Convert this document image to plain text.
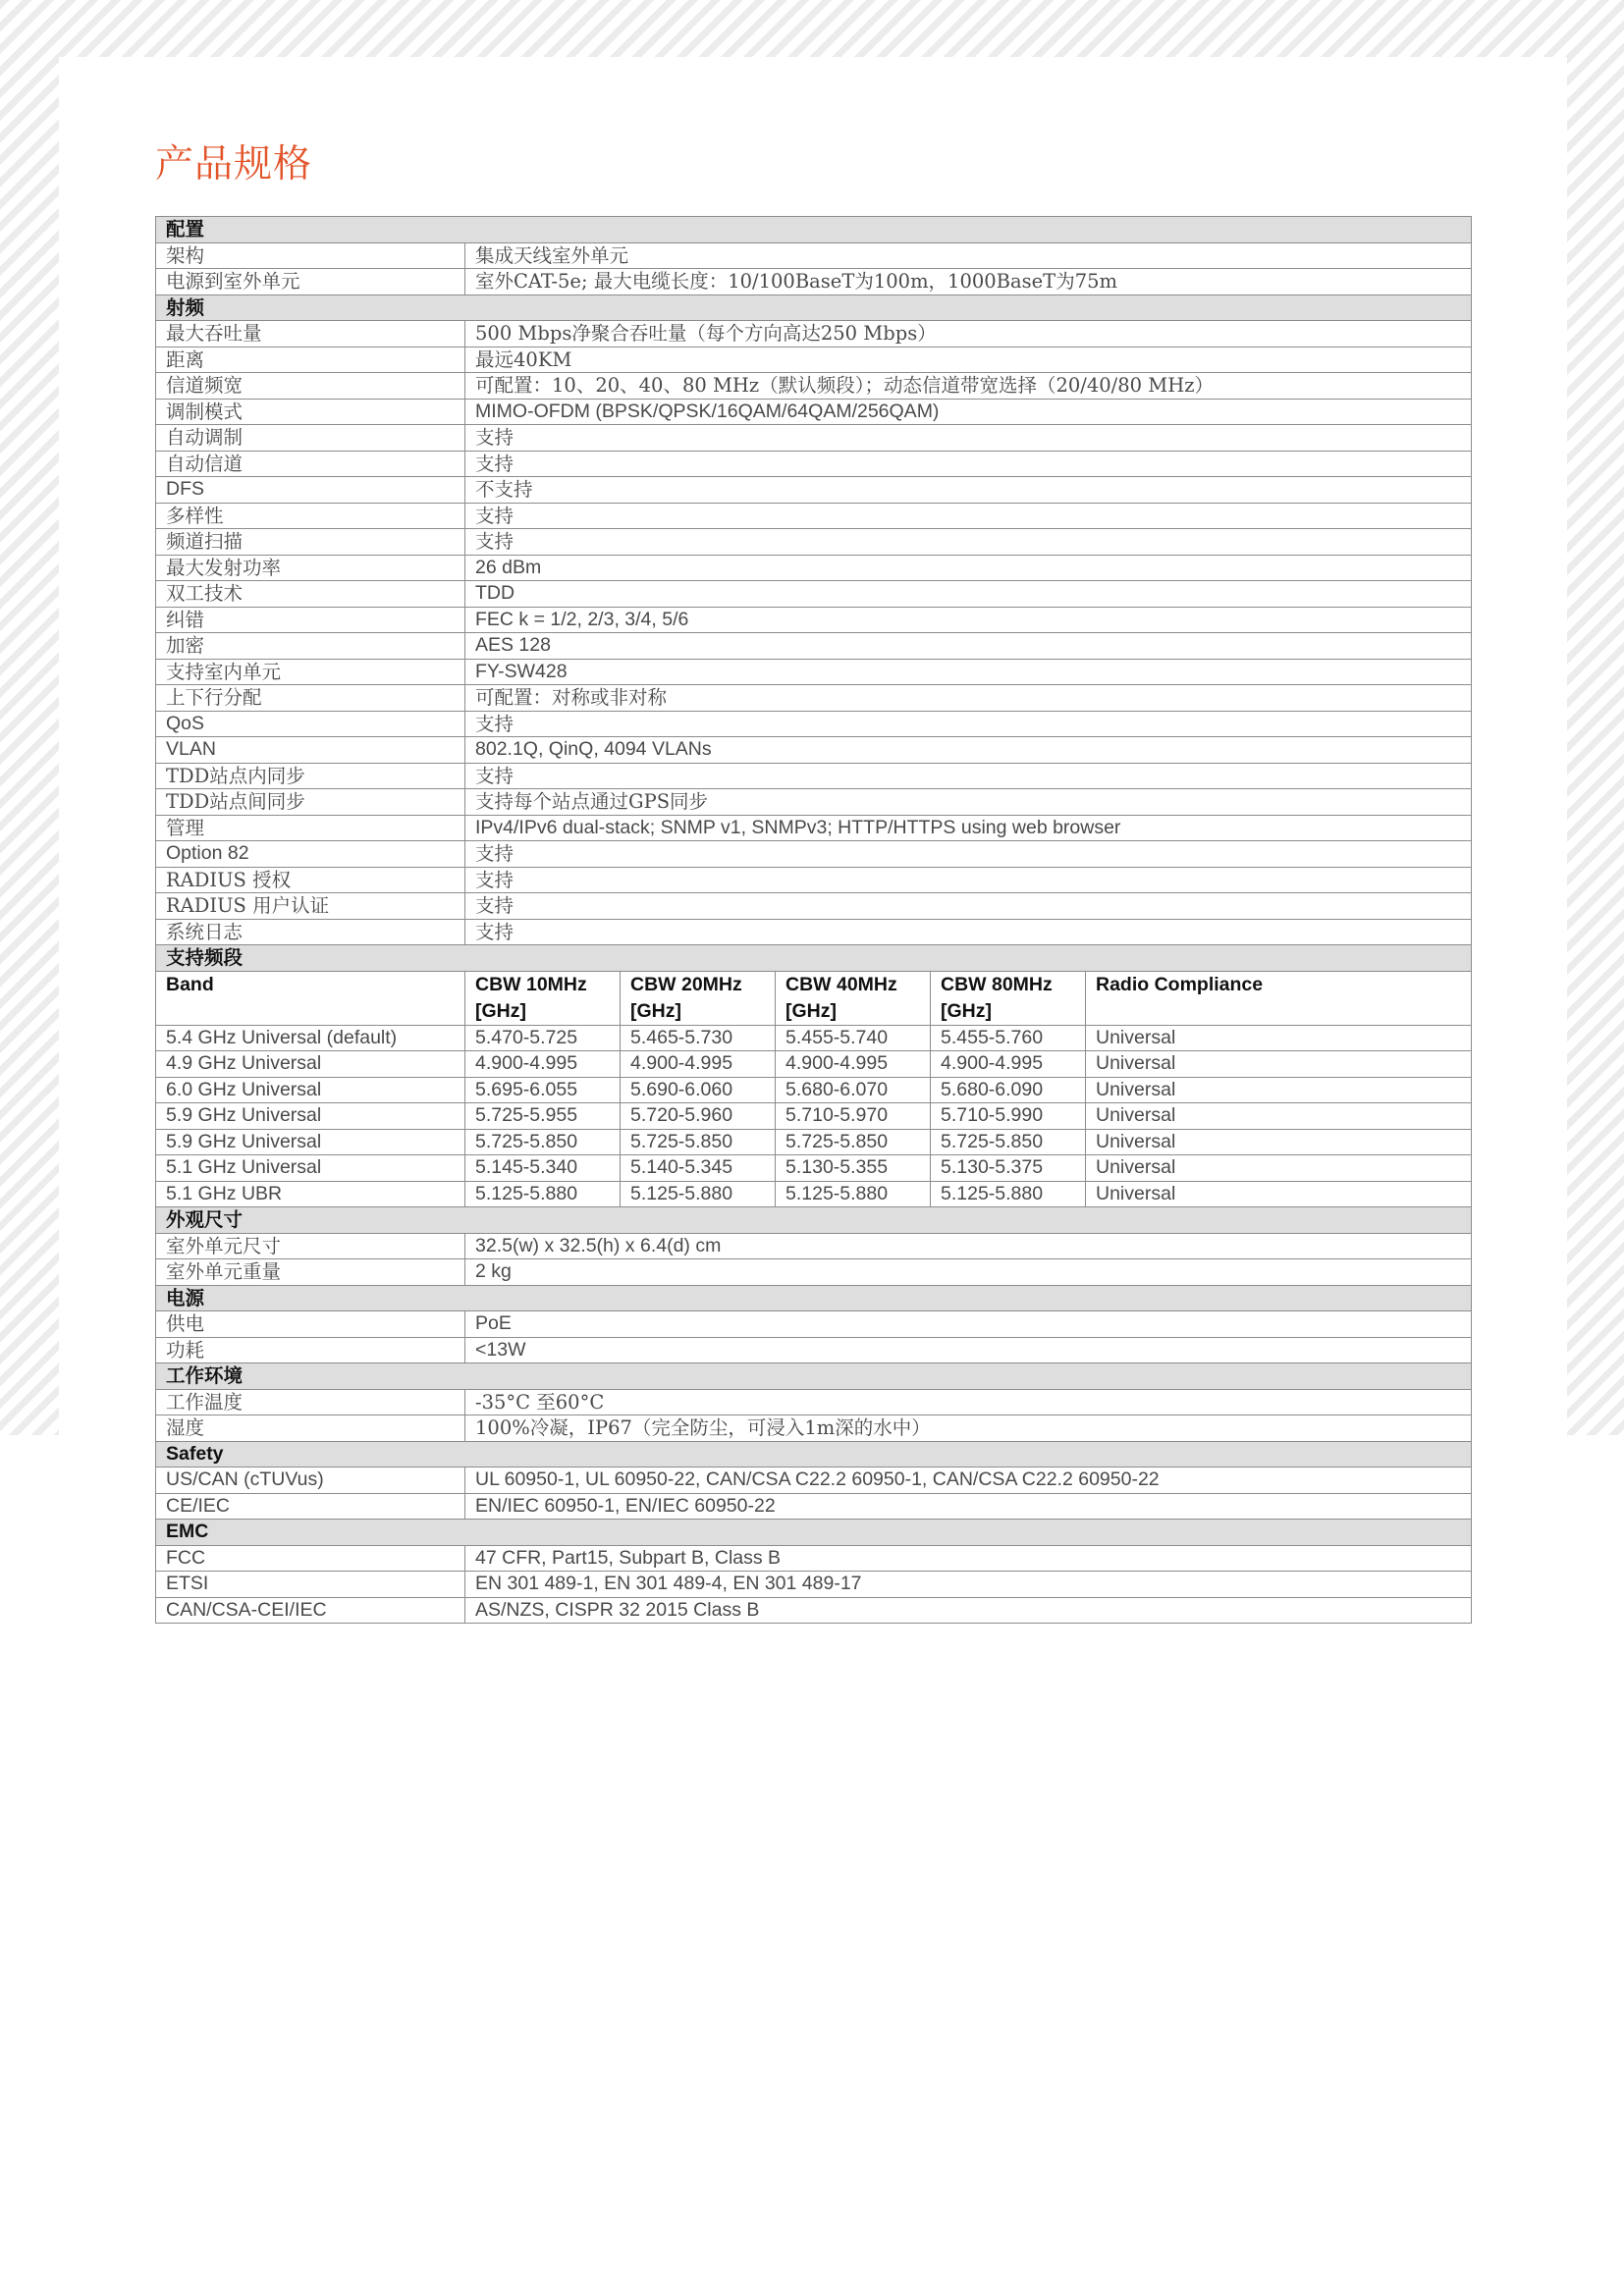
产品规格
配置					
架构	集成天线室外单元				
电源到室外单元	室外CAT-5e; 最大电缆长度：10/100BaseT为100m，1000BaseT为75m				
射频					
最大吞吐量	500 Mbps净聚合吞吐量（每个方向高达250 Mbps）				
距离	最远40KM				
信道频宽	可配置：10、20、40、80 MHz（默认频段）；动态信道带宽选择（20/40/80 MHz）				
调制模式	MIMO-OFDM (BPSK/QPSK/16QAM/64QAM/256QAM)				
自动调制	支持				
自动信道	支持				
DFS	不支持				
多样性	支持				
频道扫描	支持				
最大发射功率	26 dBm				
双工技术	TDD				
纠错	FEC k = 1/2, 2/3, 3/4, 5/6				
加密	AES 128				
支持室内单元	FY-SW428				
上下行分配	可配置：对称或非对称				
QoS	支持				
VLAN	802.1Q, QinQ, 4094 VLANs				
TDD站点内同步	支持				
TDD站点间同步	支持每个站点通过GPS同步				
管理	IPv4/IPv6 dual-stack; SNMP v1, SNMPv3; HTTP/HTTPS using web browser				
Option 82	支持				
RADIUS 授权	支持				
RADIUS 用户认证	支持				
系统日志	支持				
支持频段					
Band	CBW 10MHz [GHz]	CBW 20MHz [GHz]	CBW 40MHz [GHz]	CBW 80MHz [GHz]	Radio Compliance
5.4 GHz Universal (default)	5.470-5.725	5.465-5.730	5.455-5.740	5.455-5.760	Universal
4.9 GHz Universal	4.900-4.995	4.900-4.995	4.900-4.995	4.900-4.995	Universal
6.0 GHz Universal	5.695-6.055	5.690-6.060	5.680-6.070	5.680-6.090	Universal
5.9 GHz Universal	5.725-5.955	5.720-5.960	5.710-5.970	5.710-5.990	Universal
5.9 GHz Universal	5.725-5.850	5.725-5.850	5.725-5.850	5.725-5.850	Universal
5.1 GHz Universal	5.145-5.340	5.140-5.345	5.130-5.355	5.130-5.375	Universal
5.1 GHz UBR	5.125-5.880	5.125-5.880	5.125-5.880	5.125-5.880	Universal
外观尺寸					
室外单元尺寸	32.5(w) x 32.5(h) x 6.4(d) cm				
室外单元重量	2 kg				
电源					
供电	PoE				
功耗	<13W				
工作环境					
工作温度	-35°C 至60°C				
湿度	100%冷凝，IP67（完全防尘，可浸入1m深的水中）				
Safety					
US/CAN (cTUVus)	UL 60950-1, UL 60950-22, CAN/CSA C22.2 60950-1, CAN/CSA C22.2 60950-22				
CE/IEC	EN/IEC 60950-1, EN/IEC 60950-22				
EMC					
FCC	47 CFR, Part15, Subpart B, Class B				
ETSI	EN 301 489-1, EN 301 489-4, EN 301 489-17				
CAN/CSA-CEI/IEC	AS/NZS, CISPR 32 2015 Class B				
